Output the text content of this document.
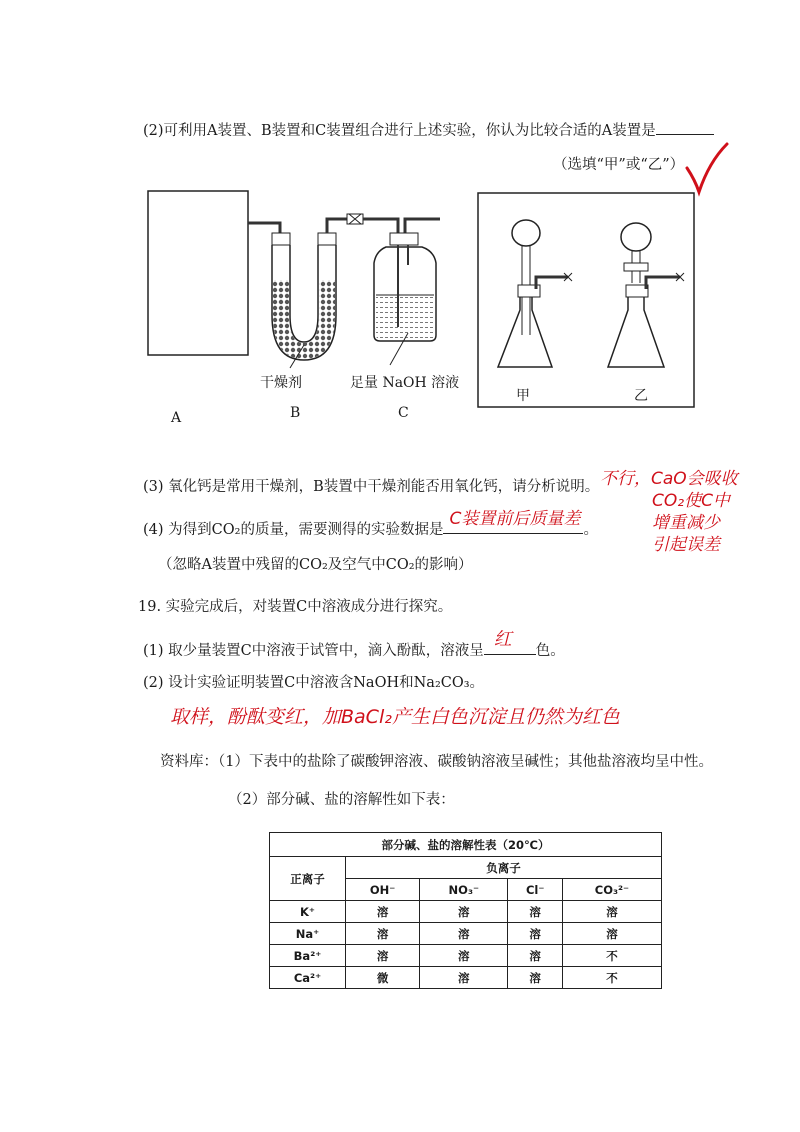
(2)可利用A装置、B装置和C装置组合进行上述实验，你认为比较合适的A装置是
（选填“甲”或“乙”）
干燥剂	足量 NaOH 溶液
A	B	C
甲	乙
(3) 氧化钙是常用干燥剂，B装置中干燥剂能否用氧化钙，请分析说明。 不行，CaO会吸收
CO₂使C中
增重减少
引起误差
(4) 为得到CO₂的质量，需要测得的实验数据是
C装置前后质量差
。
（忽略A装置中残留的CO₂及空气中CO₂的影响）
19. 实验完成后，对装置C中溶液成分进行探究。
(1) 取少量装置C中溶液于试管中，滴入酚酞，溶液呈
红
色。
(2) 设计实验证明装置C中溶液含NaOH和Na₂CO₃。
取样，酚酞变红，加BaCl₂产生白色沉淀且仍然为红色
资料库：（1）下表中的盐除了碳酸钾溶液、碳酸钠溶液呈碱性；其他盐溶液均呈中性。
（2）部分碱、盐的溶解性如下表：
部分碱、盐的溶解性表（20℃）				
正离子	负离子			
	OH⁻	NO₃⁻	Cl⁻	CO₃²⁻
K⁺	溶	溶	溶	溶
Na⁺	溶	溶	溶	溶
Ba²⁺	溶	溶	溶	不
Ca²⁺	微	溶	溶	不
